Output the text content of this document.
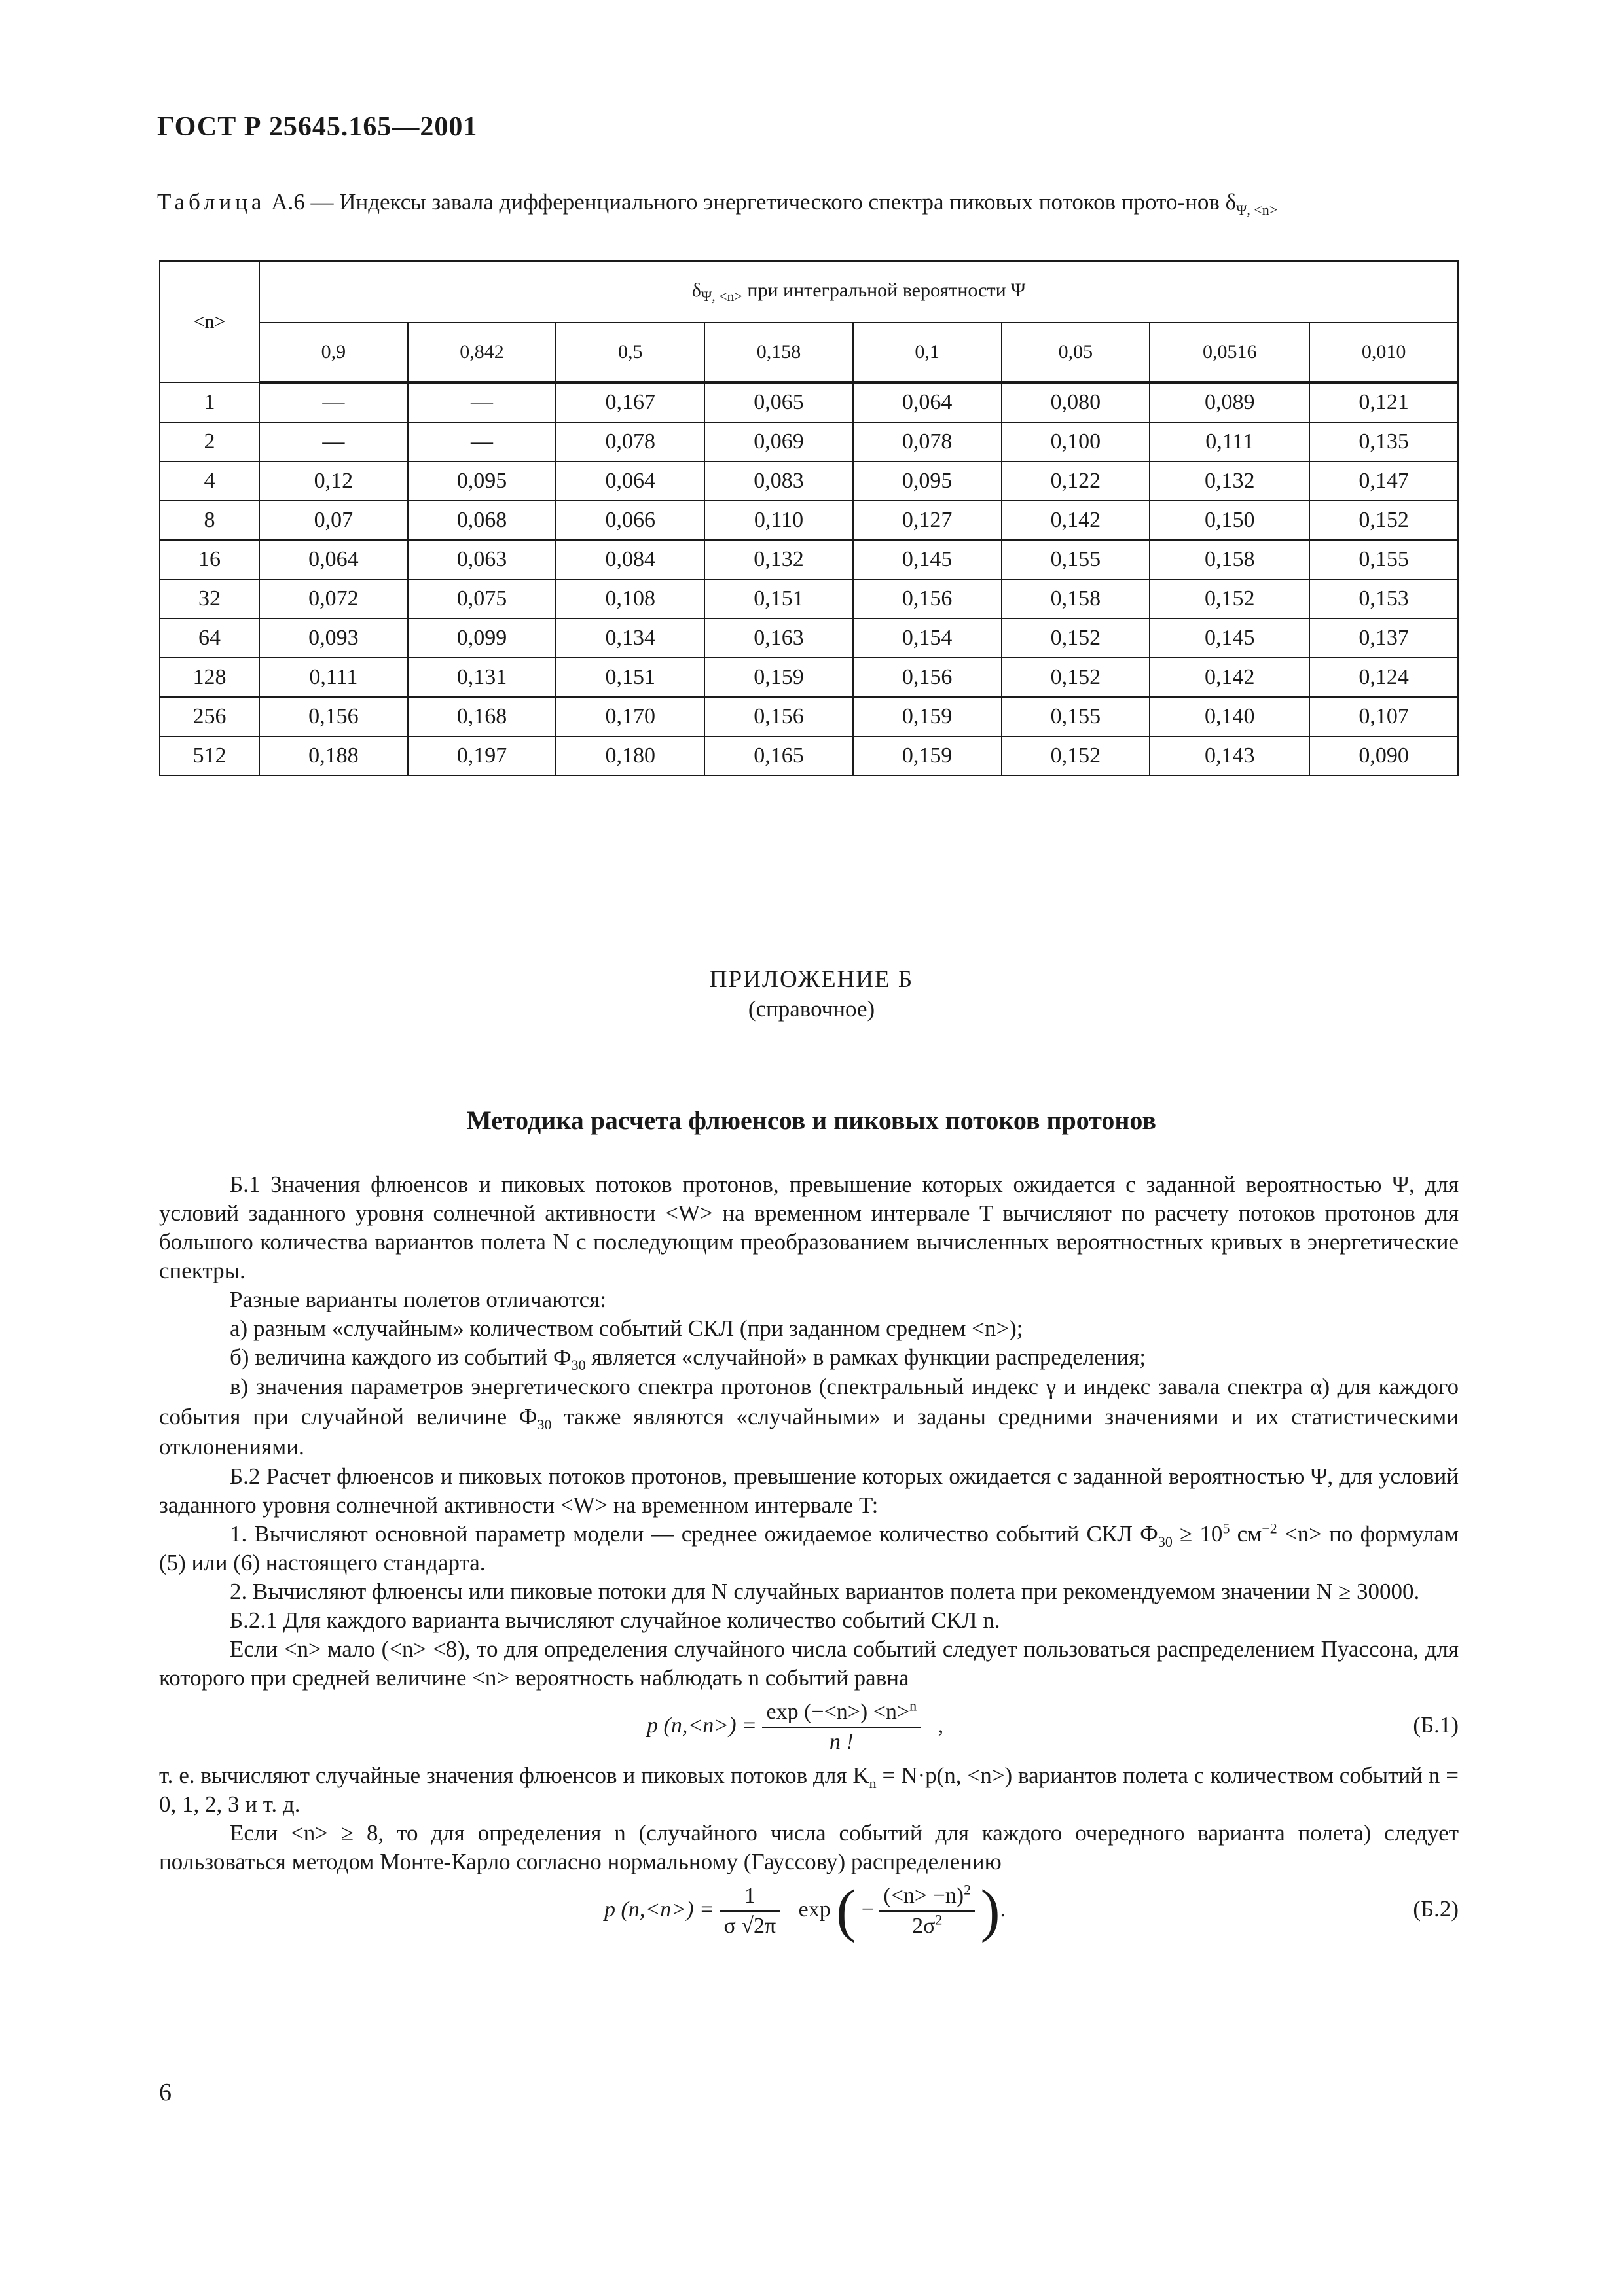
ГОСТ Р 25645.165—2001
Таблица А.6 — Индексы завала дифференциального энергетического спектра пиковых потоков прото-нов $\delta_{\Psi, <n>}$
<n>	$\delta_{\Psi, <n>}$ при интегральной вероятности Ψ							
	0,9	0,842	0,5	0,158	0,1	0,05	0,0516	0,010
1	—	—	0,167	0,065	0,064	0,080	0,089	0,121
2	—	—	0,078	0,069	0,078	0,100	0,111	0,135
4	0,12	0,095	0,064	0,083	0,095	0,122	0,132	0,147
8	0,07	0,068	0,066	0,110	0,127	0,142	0,150	0,152
16	0,064	0,063	0,084	0,132	0,145	0,155	0,158	0,155
32	0,072	0,075	0,108	0,151	0,156	0,158	0,152	0,153
64	0,093	0,099	0,134	0,163	0,154	0,152	0,145	0,137
128	0,111	0,131	0,151	0,159	0,156	0,152	0,142	0,124
256	0,156	0,168	0,170	0,156	0,159	0,155	0,140	0,107
512	0,188	0,197	0,180	0,165	0,159	0,152	0,143	0,090
ПРИЛОЖЕНИЕ Б
(справочное)
Методика расчета флюенсов и пиковых потоков протонов

Б.1 Значения флюенсов и пиковых потоков протонов, превышение которых ожидается с заданной вероятностью Ψ, для условий заданного уровня солнечной активности <W> на временном интервале T вычисляют по расчету потоков протонов для большого количества вариантов полета N с последующим преобразованием вычисленных вероятностных кривых в энергетические спектры.

Разные варианты полетов отличаются:

а) разным «случайным» количеством событий СКЛ (при заданном среднем <n>);

б) величина каждого из событий $Ф_{30}$ является «случайной» в рамках функции распределения;

в) значения параметров энергетического спектра протонов (спектральный индекс γ и индекс завала спектра α) для каждого события при случайной величине $Ф_{30}$ также являются «случайными» и заданы средними значениями и их статистическими отклонениями.

Б.2 Расчет флюенсов и пиковых потоков протонов, превышение которых ожидается с заданной вероятностью Ψ, для условий заданного уровня солнечной активности <W> на временном интервале T:

1. Вычисляют основной параметр модели — среднее ожидаемое количество событий СКЛ $Ф_{30} \ge 10^5$ $см^{-2} <n>$ по формулам (5) или (6) настоящего стандарта.

2. Вычисляют флюенсы или пиковые потоки для N случайных вариантов полета при рекомендуемом значении N ≥ 30000.

Б.2.1 Для каждого варианта вычисляют случайное количество событий СКЛ n.

Если <n> мало (<n> <8), то для определения случайного числа событий следует пользоваться распределением Пуассона, для которого при средней величине <n> вероятность наблюдать n событий равна

p $(n,<n>) = \frac{\exp (-<n>) <n>^n}{n !}$ ,	(Б.1)

т. е. вычисляют случайные значения флюенсов и пиковых потоков для $K_n = N\cdot p(n$, <n>) вариантов полета с количеством событий n = 0, 1, 2, 3 и т. д.

Если <n> ≥ 8, то для определения n (случайного числа событий для каждого очередного варианта полета) следует пользоваться методом Монте-Карло согласно нормальному (Гауссову) распределению

p $(n,<n>) = \frac{1}{\sigma √2\pi}$ exp ( − $\frac{(<n> -n)^2}{2\sigma^2}$ ).	(Б.2)
6
